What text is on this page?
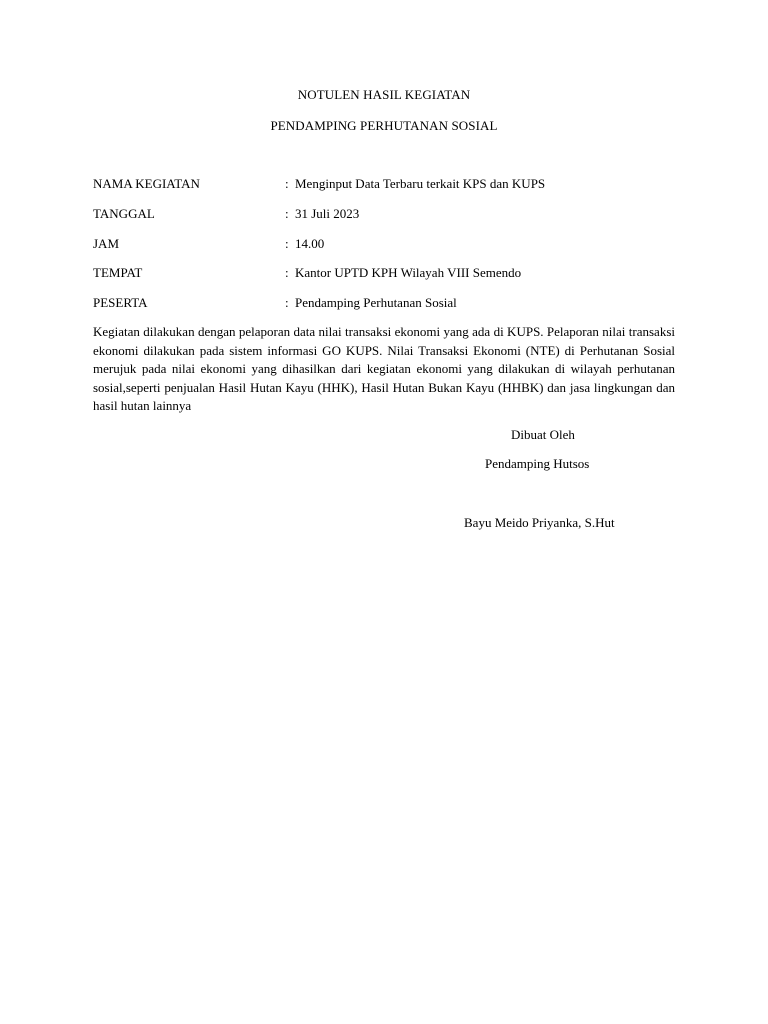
NOTULEN HASIL KEGIATAN
PENDAMPING PERHUTANAN SOSIAL
NAMA KEGIATAN	: Menginput Data Terbaru terkait KPS dan KUPS
TANGGAL	: 31 Juli 2023
JAM	: 14.00
TEMPAT	: Kantor UPTD KPH Wilayah VIII Semendo
PESERTA	: Pendamping Perhutanan Sosial
Kegiatan dilakukan dengan pelaporan data nilai transaksi ekonomi yang ada di KUPS. Pelaporan nilai transaksi ekonomi dilakukan pada sistem informasi GO KUPS. Nilai Transaksi Ekonomi (NTE) di Perhutanan Sosial merujuk pada nilai ekonomi yang dihasilkan dari kegiatan ekonomi yang dilakukan di wilayah perhutanan sosial,seperti penjualan Hasil Hutan Kayu (HHK), Hasil Hutan Bukan Kayu (HHBK) dan jasa lingkungan dan hasil hutan lainnya
Dibuat Oleh
Pendamping Hutsos
Bayu Meido Priyanka, S.Hut
